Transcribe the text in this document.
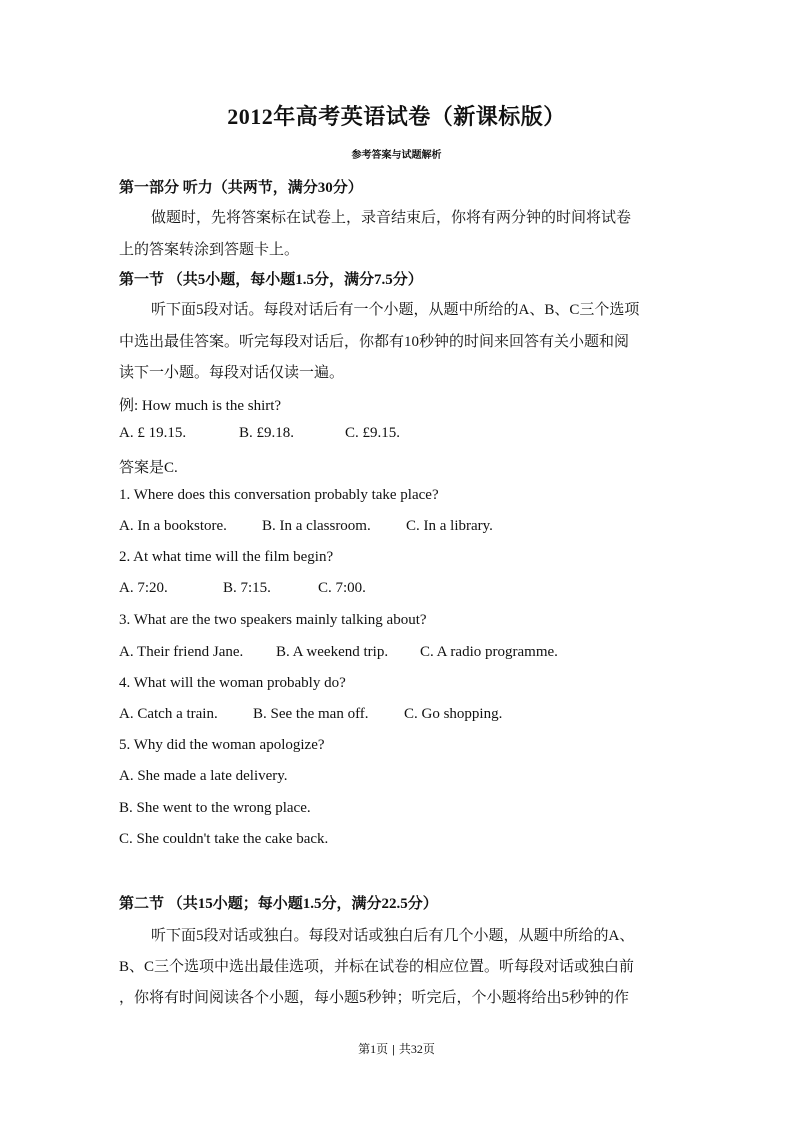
2012年高考英语试卷（新课标版）
参考答案与试题解析
第一部分 听力（共两节，满分30分）
做题时，先将答案标在试卷上，录音结束后，你将有两分钟的时间将试卷
上的答案转涂到答题卡上。
第一节 （共5小题，每小题1.5分，满分7.5分）
听下面5段对话。每段对话后有一个小题，从题中所给的A、B、C三个选项
中选出最佳答案。听完每段对话后，你都有10秒钟的时间来回答有关小题和阅
读下一小题。每段对话仅读一遍。
例: How much is the shirt?
A. £ 19.15.	B. £9.18.	C. £9.15.
答案是C.
1. Where does this conversation probably take place?
A. In a bookstore. B. In a classroom. C. In a library.
2. At what time will the film begin?
A. 7:20.	B. 7:15.	C. 7:00.
3. What are the two speakers mainly talking about?
A. Their friend Jane. B. A weekend trip. C. A radio programme.
4. What will the woman probably do?
A. Catch a train. B. See the man off. C. Go shopping.
5. Why did the woman apologize?
A. She made a late delivery.
B. She went to the wrong place.
C. She couldn't take the cake back.
第二节 （共15小题；每小题1.5分，满分22.5分）
听下面5段对话或独白。每段对话或独白后有几个小题，从题中所给的A、
B、C三个选项中选出最佳选项，并标在试卷的相应位置。听每段对话或独白前
，你将有时间阅读各个小题，每小题5秒钟；听完后，个小题将给出5秒钟的作
第1页 | 共32页
